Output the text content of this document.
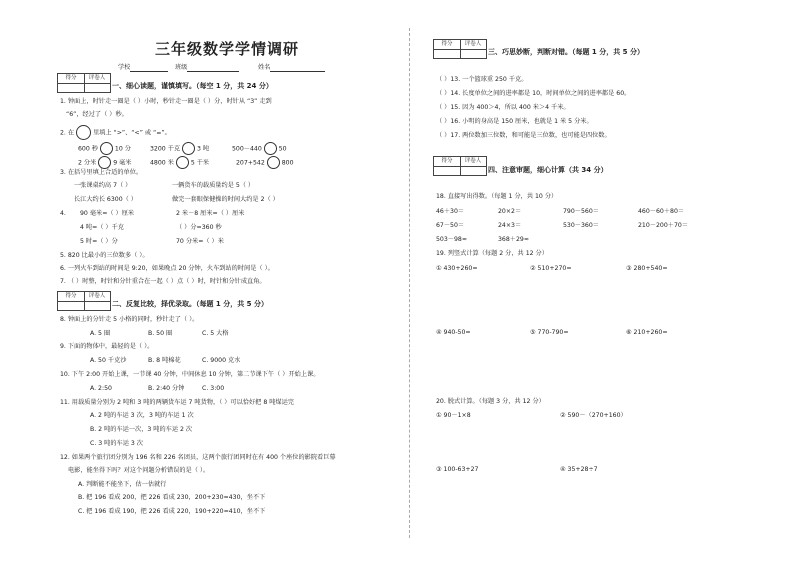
三年级数学学情调研
学校	班级	姓名
得分	评卷人
一、细心读题，谨慎填写。（每空 1 分，共 24 分）
1. 钟面上，时针走一圈是（ ）小时，秒针走一圈是（ ）分，时针从 “3” 走到
“6”，经过了（ ）秒。
2. 在	里填上 “>”、“<” 或 “=”。
600 秒	10 分	3200 千克	3 吨	500－440	50
2 分米	9 毫米	4800 米	5 千米	207+542	800
3. 在括号里填上合适的单位。
一张课桌约高 7（ ）	一辆货车的载质量约是 5（ ）
长江大约长 6300（ ）	做完一套眼保健操的时间大约是 2（ ）
4. 90 毫米=（ ）厘米	2 米－8 厘米=（ ）厘米
4 吨=（ ）千克	（ ）分=360 秒
5 时=（ ）分	70 分米=（ ）米
5. 820 比最小的三位数多（ ）。
6. 一列火车到站的时间是 9:20，如果晚点 20 分钟，火车到站的时间是（ ）。
7. （ ）时整，时针和分针重合在一起（ ）点（ ）时，时针和分针成直角。
得分	评卷人
二、反复比较，择优录取。（每题 1 分，共 5 分）
8. 钟面上的分针走 5 小格的同时，秒针走了（ ）。
A. 5 圈	B. 50 圈	C. 5 大格
9. 下面的物体中，最轻的是（ ）。
A. 50 千克沙	B. 8 吨棉花	C. 9000 克水
10. 下午 2:00 开始上课，一节课 40 分钟，中间休息 10 分钟，第二节课下午（ ）开始上课。
A. 2:50	B. 2:40 分钟	C. 3:00
11. 用载质量分别为 2 吨和 3 吨的两辆货车运 7 吨货物，（ ）可以恰好把 8 吨煤运完
A. 2 吨的车运 3 次，3 吨的车运 1 次
B. 2 吨的车运一次，3 吨的车运 2 次
C. 3 吨的车运 3 次
12. 如果两个旅行团分别为 196 名和 226 名团员，这两个旅行团同时在有 400 个座位的影院看巨幕
电影，能坐得下吗？对这个问题分析错误的是（ ）。
A. 判断能不能坐下，估一估就行
B. 把 196 看成 200，把 226 看成 230，200+230=430，坐不下
C. 把 196 看成 190，把 226 看成 220，190+220=410，坐不下
得分	评卷人
三、巧思妙断，判断对错。（每题 1 分，共 5 分）
（ ）13. 一个篮球重 250 千克。
（ ）14. 长度单位之间的进率都是 10，时间单位之间的进率都是 60。
（ ）15. 因为 400＞4，所以 400 米＞4 千米。
（ ）16. 小明的身高是 150 厘米，也就是 1 米 5 分米。
（ ）17. 两位数加三位数，和可能是三位数，也可能是四位数。
得分	评卷人
四、注意审题，细心计算（共 34 分）
18. 直接写出得数。（每题 1 分，共 10 分）
46＋30＝	20×2＝	790－560＝	460－60＋80＝
67－50＝	24×3＝	530－360＝	210－200＋70＝
503－98≈	368＋29≈
19. 列竖式计算（每题 2 分，共 12 分）
① 430+260=	② 510+270=	③ 280+540=
④ 940-50=	⑤ 770-790=	⑥ 210+260=
20. 脱式计算。（每题 3 分，共 12 分）
① 90－1×8	② 590－（270+160）
③ 100-63+27	④ 35+28÷7
